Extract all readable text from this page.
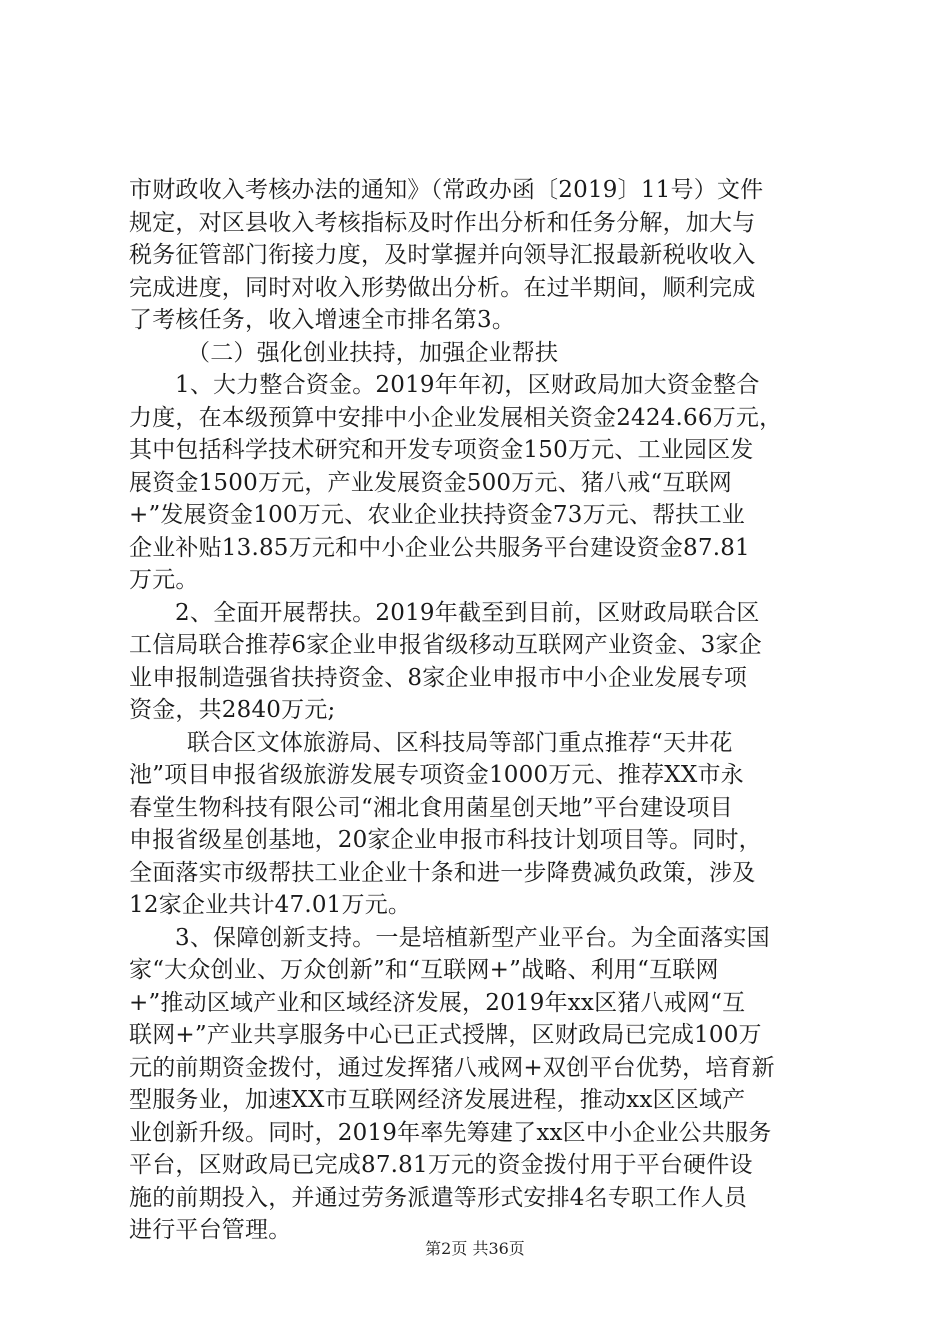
市财政收入考核办法的通知》（常政办函〔2019〕11号）文件
规定，对区县收入考核指标及时作出分析和任务分解，加大与
税务征管部门衔接力度，及时掌握并向领导汇报最新税收收入
完成进度，同时对收入形势做出分析。在过半期间，顺利完成
了考核任务，收入增速全市排名第3。
（二）强化创业扶持，加强企业帮扶
1、大力整合资金。2019年年初，区财政局加大资金整合
力度，在本级预算中安排中小企业发展相关资金2424.66万元，
其中包括科学技术研究和开发专项资金150万元、工业园区发
展资金1500万元，产业发展资金500万元、猪八戒“互联网
+”发展资金100万元、农业企业扶持资金73万元、帮扶工业
企业补贴13.85万元和中小企业公共服务平台建设资金87.81
万元。
2、全面开展帮扶。2019年截至到目前，区财政局联合区
工信局联合推荐6家企业申报省级移动互联网产业资金、3家企
业申报制造强省扶持资金、8家企业申报市中小企业发展专项
资金，共2840万元;
联合区文体旅游局、区科技局等部门重点推荐“天井花
池”项目申报省级旅游发展专项资金1000万元、推荐XX市永
春堂生物科技有限公司“湘北食用菌星创天地”平台建设项目
申报省级星创基地，20家企业申报市科技计划项目等。同时，
全面落实市级帮扶工业企业十条和进一步降费减负政策，涉及
12家企业共计47.01万元。
3、保障创新支持。一是培植新型产业平台。为全面落实国
家“大众创业、万众创新”和“互联网+”战略、利用“互联网
+”推动区域产业和区域经济发展，2019年xx区猪八戒网“互
联网+”产业共享服务中心已正式授牌，区财政局已完成100万
元的前期资金拨付，通过发挥猪八戒网+双创平台优势，培育新
型服务业，加速XX市互联网经济发展进程，推动xx区区域产
业创新升级。同时，2019年率先筹建了xx区中小企业公共服务
平台，区财政局已完成87.81万元的资金拨付用于平台硬件设
施的前期投入，并通过劳务派遣等形式安排4名专职工作人员
进行平台管理。
第2页 共36页
